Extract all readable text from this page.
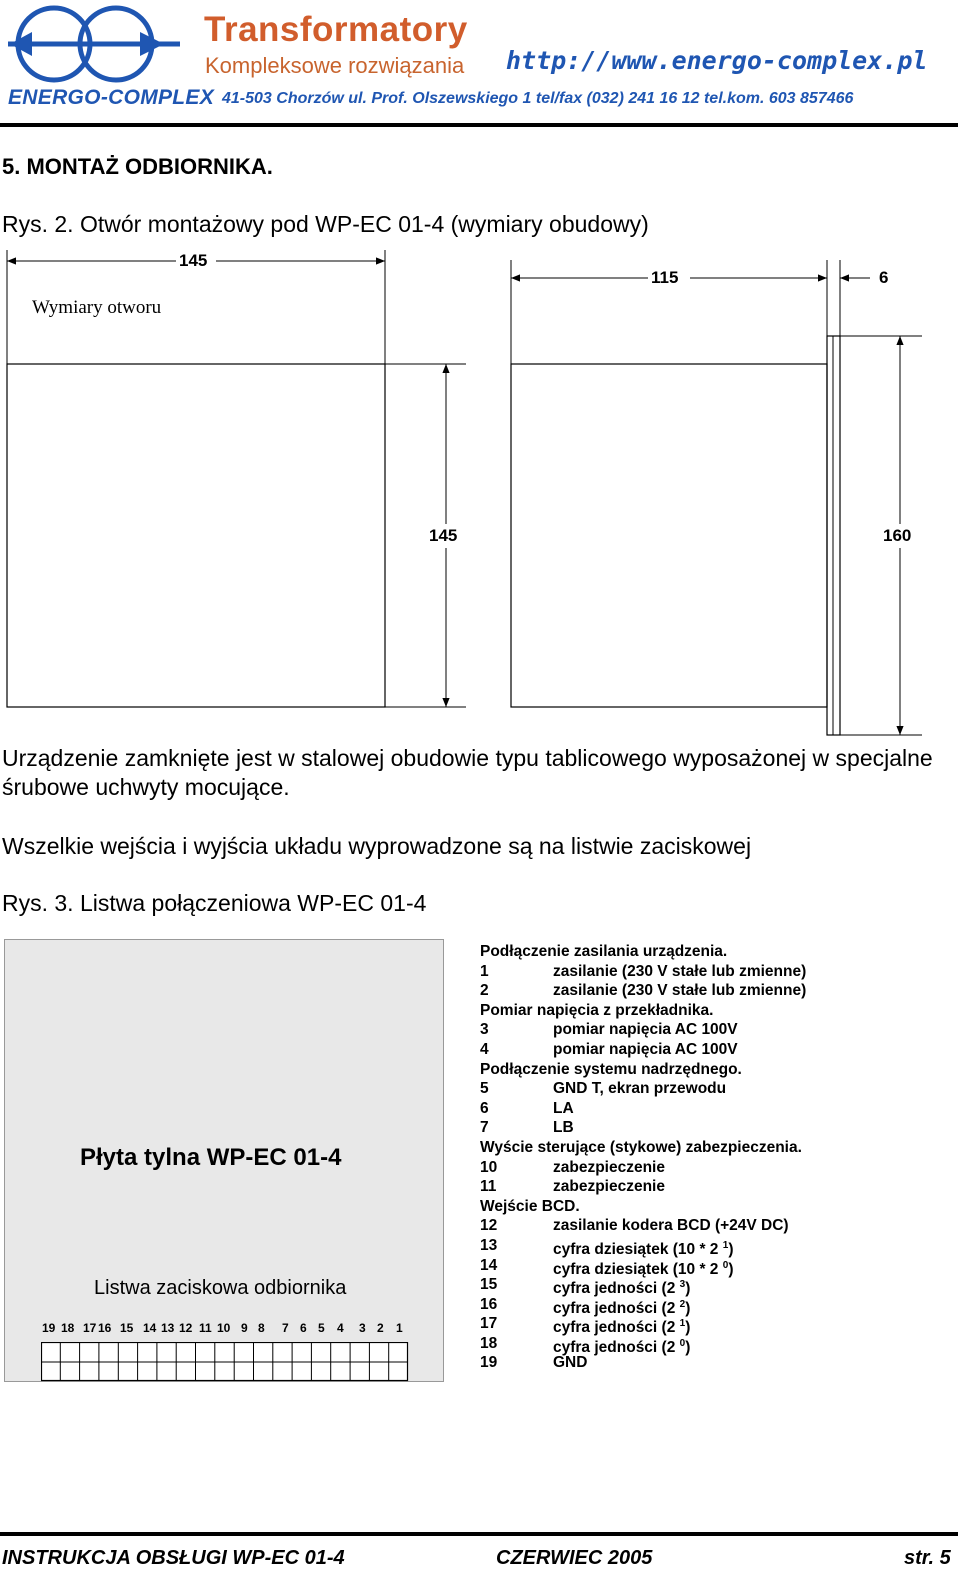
ENERGO-COMPLEX
Transformatory
Kompleksowe rozwiązania http://www.energo-complex.pl
41-503 Chorzów ul. Prof. Olszewskiego 1 tel/fax (032) 241 16 12 tel.kom. 603 857466
5. MONTAŻ ODBIORNIKA.
Rys. 2. Otwór montażowy pod WP-EC 01-4 (wymiary obudowy)
145
Wymiary otworu
145
115	6
160
Urządzenie zamknięte jest w stalowej obudowie typu tablicowego wyposażonej w specjalne śrubowe uchwyty mocujące.
Wszelkie wejścia i wyjścia układu wyprowadzone są na listwie zaciskowej
Rys. 3. Listwa połączeniowa WP-EC 01-4
Płyta tylna WP-EC 01-4
Listwa zaciskowa odbiornika
19 18 17 16 15 14 13 12 11 10 9 8 7 6 5 4 3 2 1
Podłączenie zasilania urządzenia.
1	zasilanie (230 V stałe lub zmienne)
2	zasilanie (230 V stałe lub zmienne)
Pomiar napięcia z przekładnika.
3	pomiar napięcia AC 100V
4	pomiar napięcia AC 100V
Podłączenie systemu nadrzędnego.
5	GND T, ekran przewodu
6	LA
7	LB
Wyście sterujące (stykowe) zabezpieczenia.
10	zabezpieczenie
11	zabezpieczenie
Wejście BCD.
12	zasilanie kodera BCD (+24V DC)
13	cyfra dziesiątek (10 * 2 $^1$)
14	cyfra dziesiątek (10 * 2 $^0$)
15	cyfra jedności (2 $^3$)
16	cyfra jedności (2 $^2$)
17	cyfra jedności (2 $^1$)
18	cyfra jedności (2 $^0$)
19	GND
INSTRUKCJA OBSŁUGI WP-EC 01-4	CZERWIEC 2005	str. 5
